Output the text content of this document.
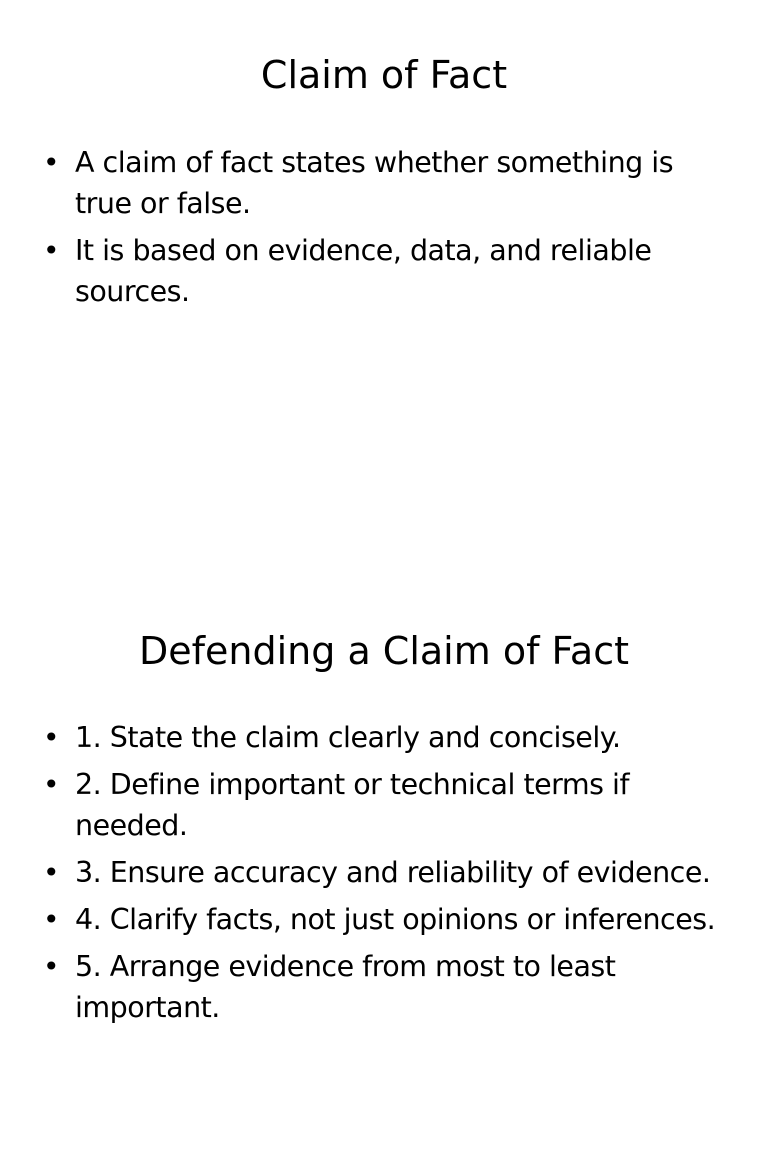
Claim of Fact
• A claim of fact states whether something is true or false.
• It is based on evidence, data, and reliable sources.
Defending a Claim of Fact
• 1. State the claim clearly and concisely.
• 2. Define important or technical terms if needed.
• 3. Ensure accuracy and reliability of evidence.
• 4. Clarify facts, not just opinions or inferences.
• 5. Arrange evidence from most to least important.
